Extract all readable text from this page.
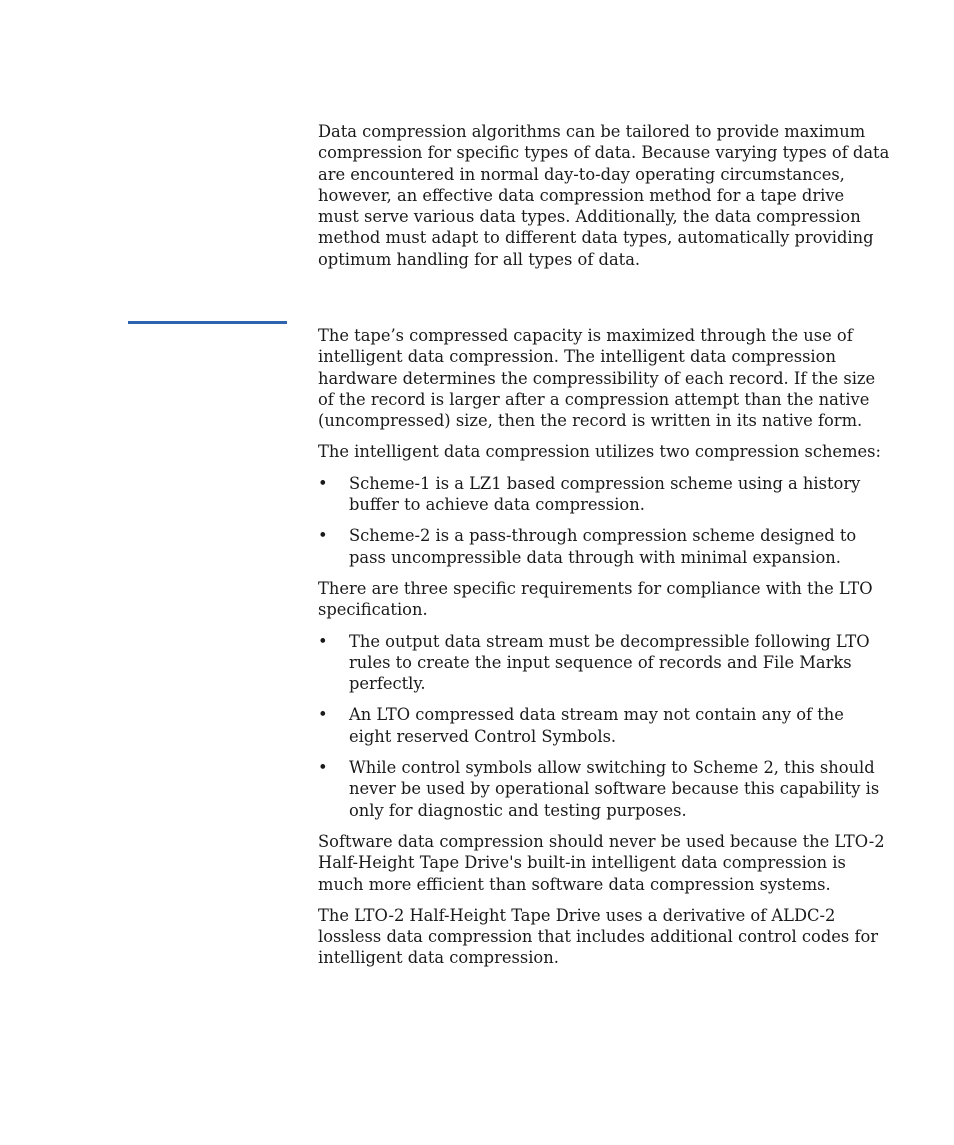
Data compression algorithms can be tailored to provide maximum compression for specific types of data. Because varying types of data are encountered in normal day-to-day operating circumstances, however, an effective data compression method for a tape drive must serve various data types. Additionally, the data compression method must adapt to different data types, automatically providing optimum handling for all types of data.

The tape’s compressed capacity is maximized through the use of intelligent data compression. The intelligent data compression hardware determines the compressibility of each record. If the size of the record is larger after a compression attempt than the native (uncompressed) size, then the record is written in its native form.

The intelligent data compression utilizes two compression schemes:

• Scheme-1 is a LZ1 based compression scheme using a history buffer to achieve data compression.
• Scheme-2 is a pass-through compression scheme designed to pass uncompressible data through with minimal expansion.

There are three specific requirements for compliance with the LTO specification.

• The output data stream must be decompressible following LTO rules to create the input sequence of records and File Marks perfectly.
• An LTO compressed data stream may not contain any of the eight reserved Control Symbols.
• While control symbols allow switching to Scheme 2, this should never be used by operational software because this capability is only for diagnostic and testing purposes.

Software data compression should never be used because the LTO-2 Half-Height Tape Drive's built-in intelligent data compression is much more efficient than software data compression systems.

The LTO-2 Half-Height Tape Drive uses a derivative of ALDC-2 lossless data compression that includes additional control codes for intelligent data compression.
